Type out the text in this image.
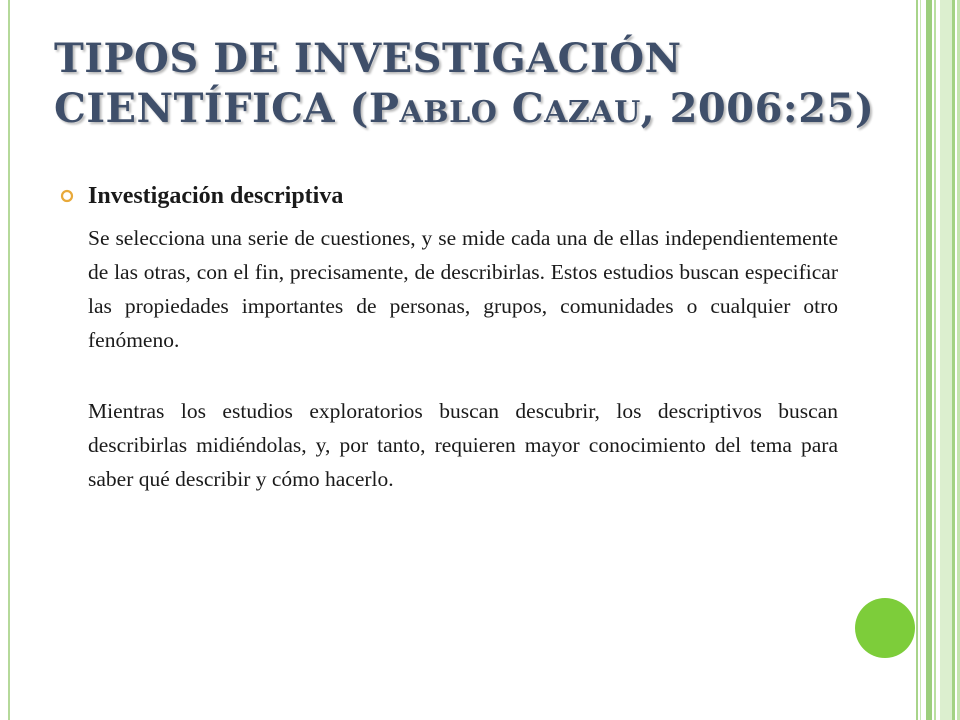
TIPOS DE INVESTIGACIÓN
CIENTÍFICA (PABLO CAZAU, 2006:25)
Investigación descriptiva

Se selecciona una serie de cuestiones, y se mide cada una de ellas independientemente de las otras, con el fin, precisamente, de describirlas. Estos estudios buscan especificar las propiedades importantes de personas, grupos, comunidades o cualquier otro fenómeno.

Mientras los estudios exploratorios buscan descubrir, los descriptivos buscan describirlas midiéndolas, y, por tanto, requieren mayor conocimiento del tema para saber qué describir y cómo hacerlo.
